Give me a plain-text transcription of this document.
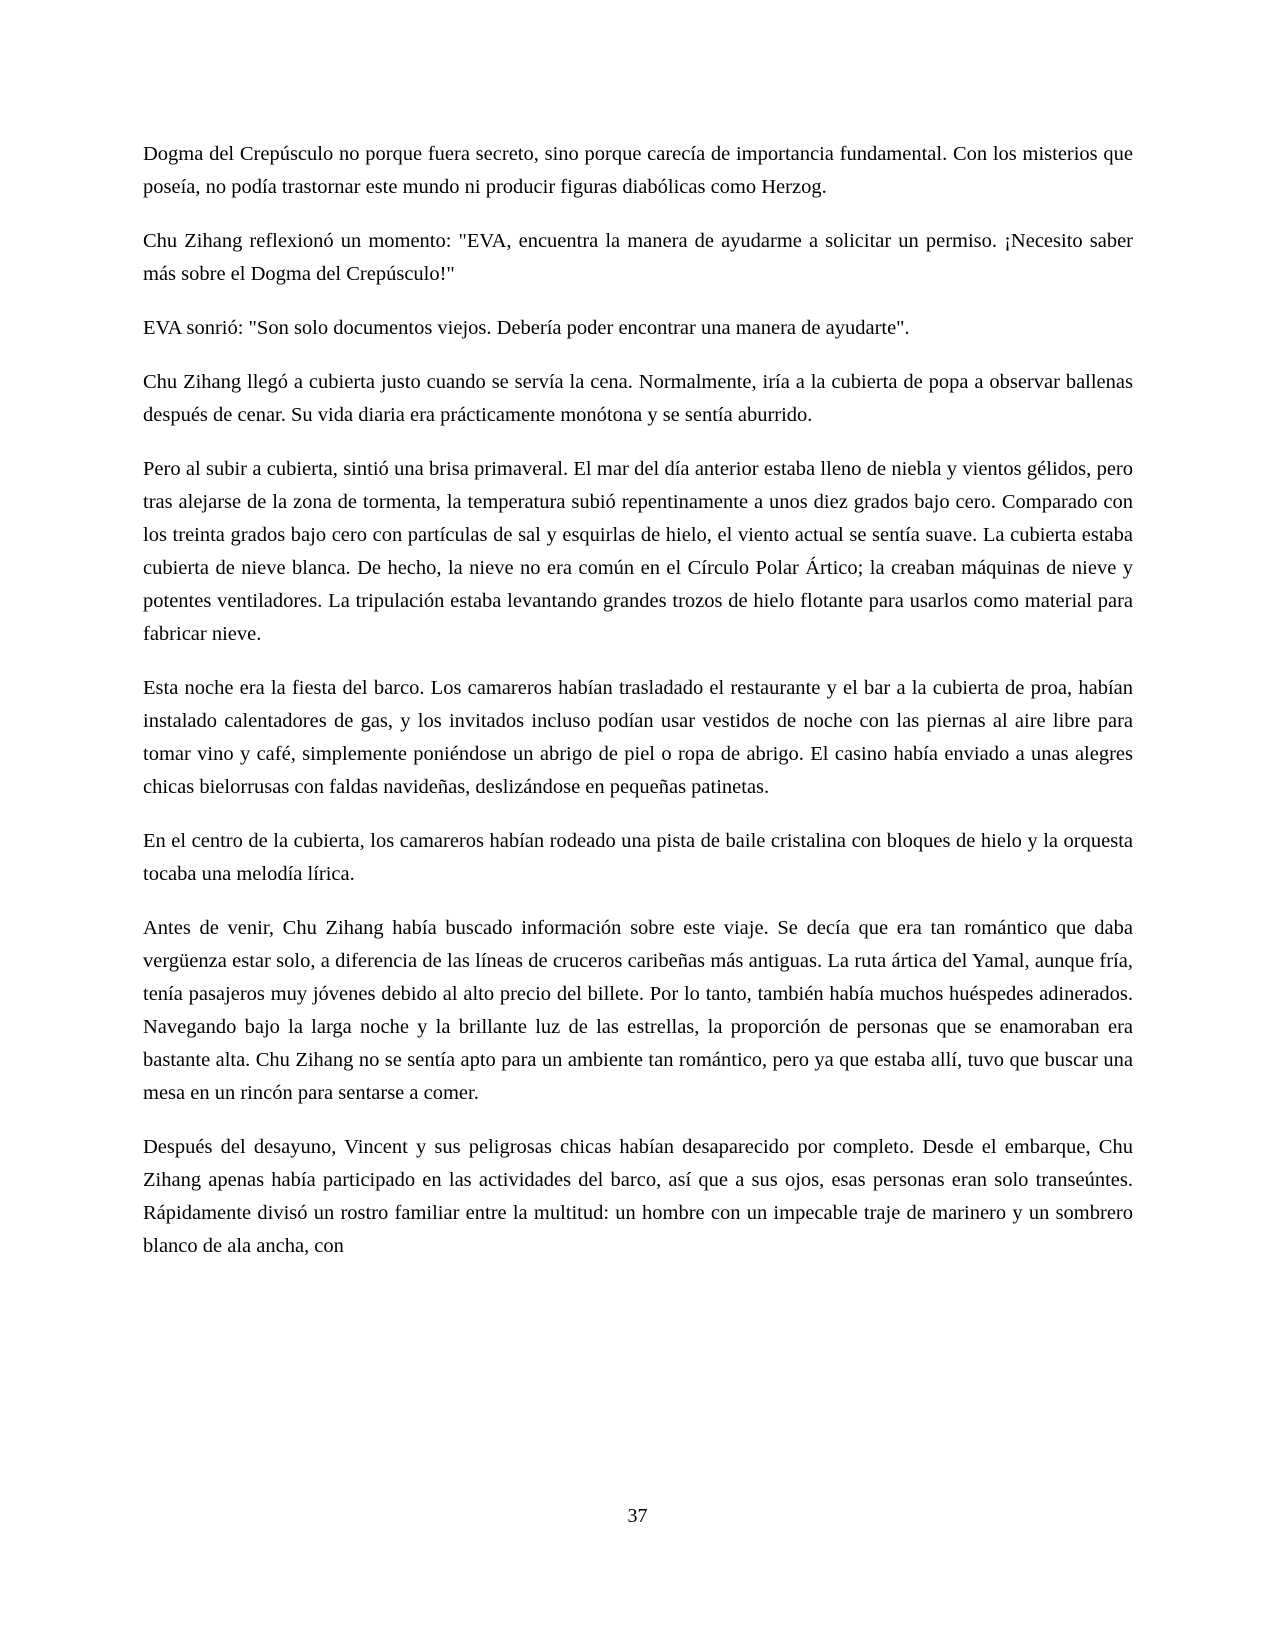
Dogma del Crepúsculo no porque fuera secreto, sino porque carecía de importancia fundamental. Con los misterios que poseía, no podía trastornar este mundo ni producir figuras diabólicas como Herzog.

Chu Zihang reflexionó un momento: "EVA, encuentra la manera de ayudarme a solicitar un permiso. ¡Necesito saber más sobre el Dogma del Crepúsculo!"

EVA sonrió: "Son solo documentos viejos. Debería poder encontrar una manera de ayudarte".

Chu Zihang llegó a cubierta justo cuando se servía la cena. Normalmente, iría a la cubierta de popa a observar ballenas después de cenar. Su vida diaria era prácticamente monótona y se sentía aburrido.

Pero al subir a cubierta, sintió una brisa primaveral. El mar del día anterior estaba lleno de niebla y vientos gélidos, pero tras alejarse de la zona de tormenta, la temperatura subió repentinamente a unos diez grados bajo cero. Comparado con los treinta grados bajo cero con partículas de sal y esquirlas de hielo, el viento actual se sentía suave. La cubierta estaba cubierta de nieve blanca. De hecho, la nieve no era común en el Círculo Polar Ártico; la creaban máquinas de nieve y potentes ventiladores. La tripulación estaba levantando grandes trozos de hielo flotante para usarlos como material para fabricar nieve.

Esta noche era la fiesta del barco. Los camareros habían trasladado el restaurante y el bar a la cubierta de proa, habían instalado calentadores de gas, y los invitados incluso podían usar vestidos de noche con las piernas al aire libre para tomar vino y café, simplemente poniéndose un abrigo de piel o ropa de abrigo. El casino había enviado a unas alegres chicas bielorrusas con faldas navideñas, deslizándose en pequeñas patinetas.

En el centro de la cubierta, los camareros habían rodeado una pista de baile cristalina con bloques de hielo y la orquesta tocaba una melodía lírica.

Antes de venir, Chu Zihang había buscado información sobre este viaje. Se decía que era tan romántico que daba vergüenza estar solo, a diferencia de las líneas de cruceros caribeñas más antiguas. La ruta ártica del Yamal, aunque fría, tenía pasajeros muy jóvenes debido al alto precio del billete. Por lo tanto, también había muchos huéspedes adinerados. Navegando bajo la larga noche y la brillante luz de las estrellas, la proporción de personas que se enamoraban era bastante alta. Chu Zihang no se sentía apto para un ambiente tan romántico, pero ya que estaba allí, tuvo que buscar una mesa en un rincón para sentarse a comer.

Después del desayuno, Vincent y sus peligrosas chicas habían desaparecido por completo. Desde el embarque, Chu Zihang apenas había participado en las actividades del barco, así que a sus ojos, esas personas eran solo transeúntes. Rápidamente divisó un rostro familiar entre la multitud: un hombre con un impecable traje de marinero y un sombrero blanco de ala ancha, con

37
